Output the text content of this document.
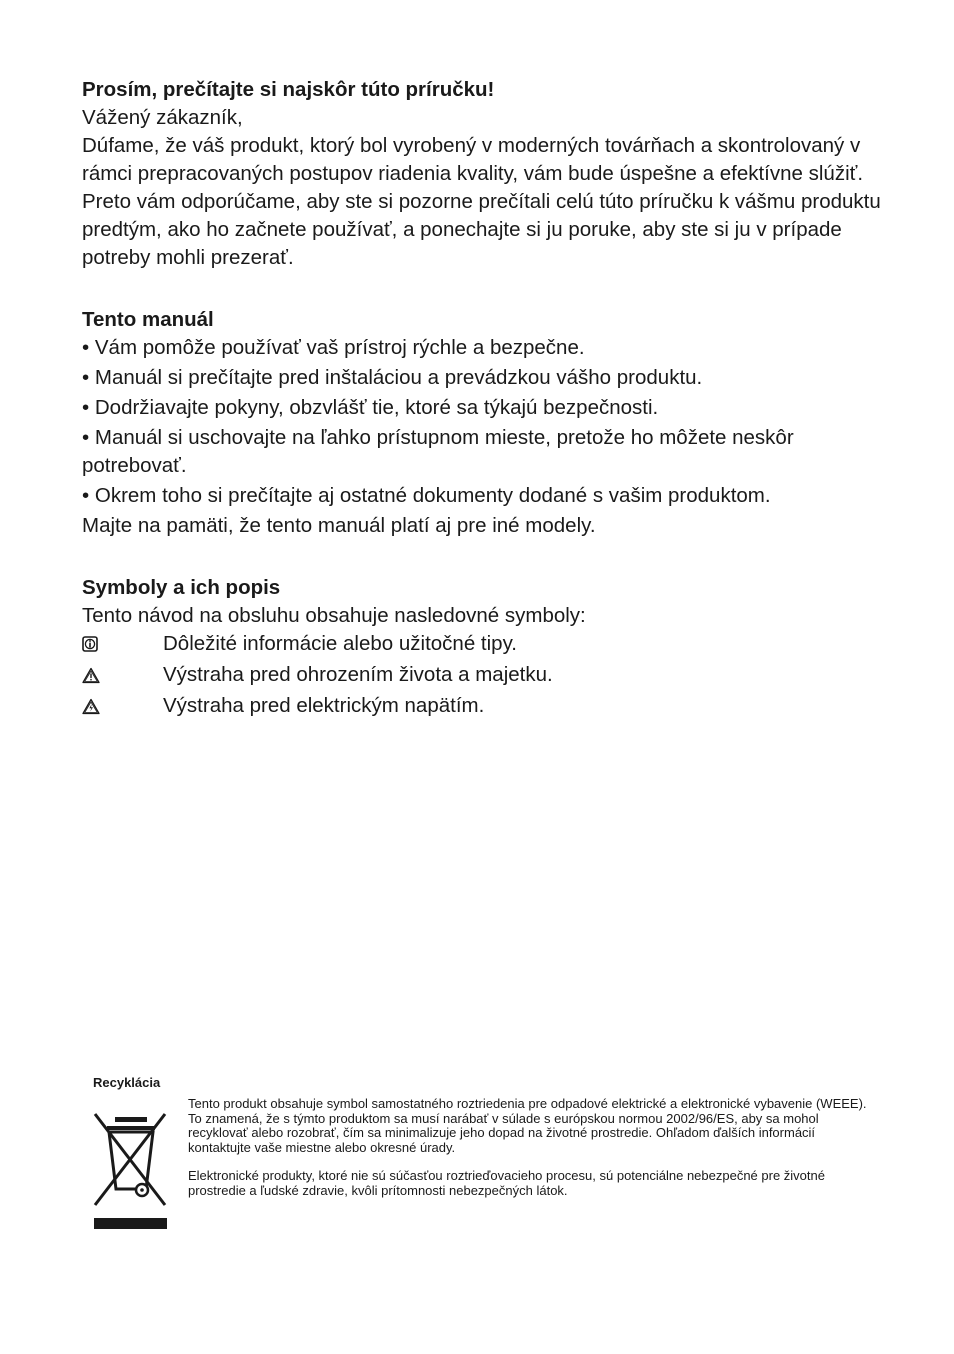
Prosím, prečítajte si najskôr túto príručku!

Vážený zákazník,

Dúfame, že váš produkt, ktorý bol vyrobený v moderných továrňach a skontrolovaný v rámci prepracovaných postupov riadenia kvality, vám bude úspešne a efektívne slúžiť.

Preto vám odporúčame, aby ste si pozorne prečítali celú túto príručku k vášmu produktu predtým, ako ho začnete používať, a ponechajte si ju poruke, aby ste si ju v prípade potreby mohli prezerať.

Tento manuál

• Vám pomôže používať vaš prístroj rýchle a bezpečne.

• Manuál si prečítajte pred inštaláciou a prevádzkou vášho produktu.

• Dodržiavajte pokyny, obzvlášť tie, ktoré sa týkajú bezpečnosti.

• Manuál si uschovajte na ľahko prístupnom mieste, pretože ho môžete neskôr potrebovať.

• Okrem toho si prečítajte aj ostatné dokumenty dodané s vašim produktom.

Majte na pamäti, že tento manuál platí aj pre iné modely.

Symboly a ich popis

Tento návod na obsluhu obsahuje nasledovné symboly:

Dôležité informácie alebo užitočné tipy.
Výstraha pred ohrozením života a majetku.
Výstraha pred elektrickým napätím.

Recyklácia

Tento produkt obsahuje symbol samostatného roztriedenia pre odpadové elektrické a elektronické vybavenie (WEEE).

To znamená, že s týmto produktom sa musí narábať v súlade s európskou normou 2002/96/ES, aby sa mohol recyklovať alebo rozobrať, čím sa minimalizuje jeho dopad na životné prostredie. Ohľadom ďalších informácií kontaktujte vaše miestne alebo okresné úrady.

Elektronické produkty, ktoré nie sú súčasťou roztrieďovacieho procesu, sú potenciálne nebezpečné pre životné prostredie a ľudské zdravie, kvôli prítomnosti nebezpečných látok.
